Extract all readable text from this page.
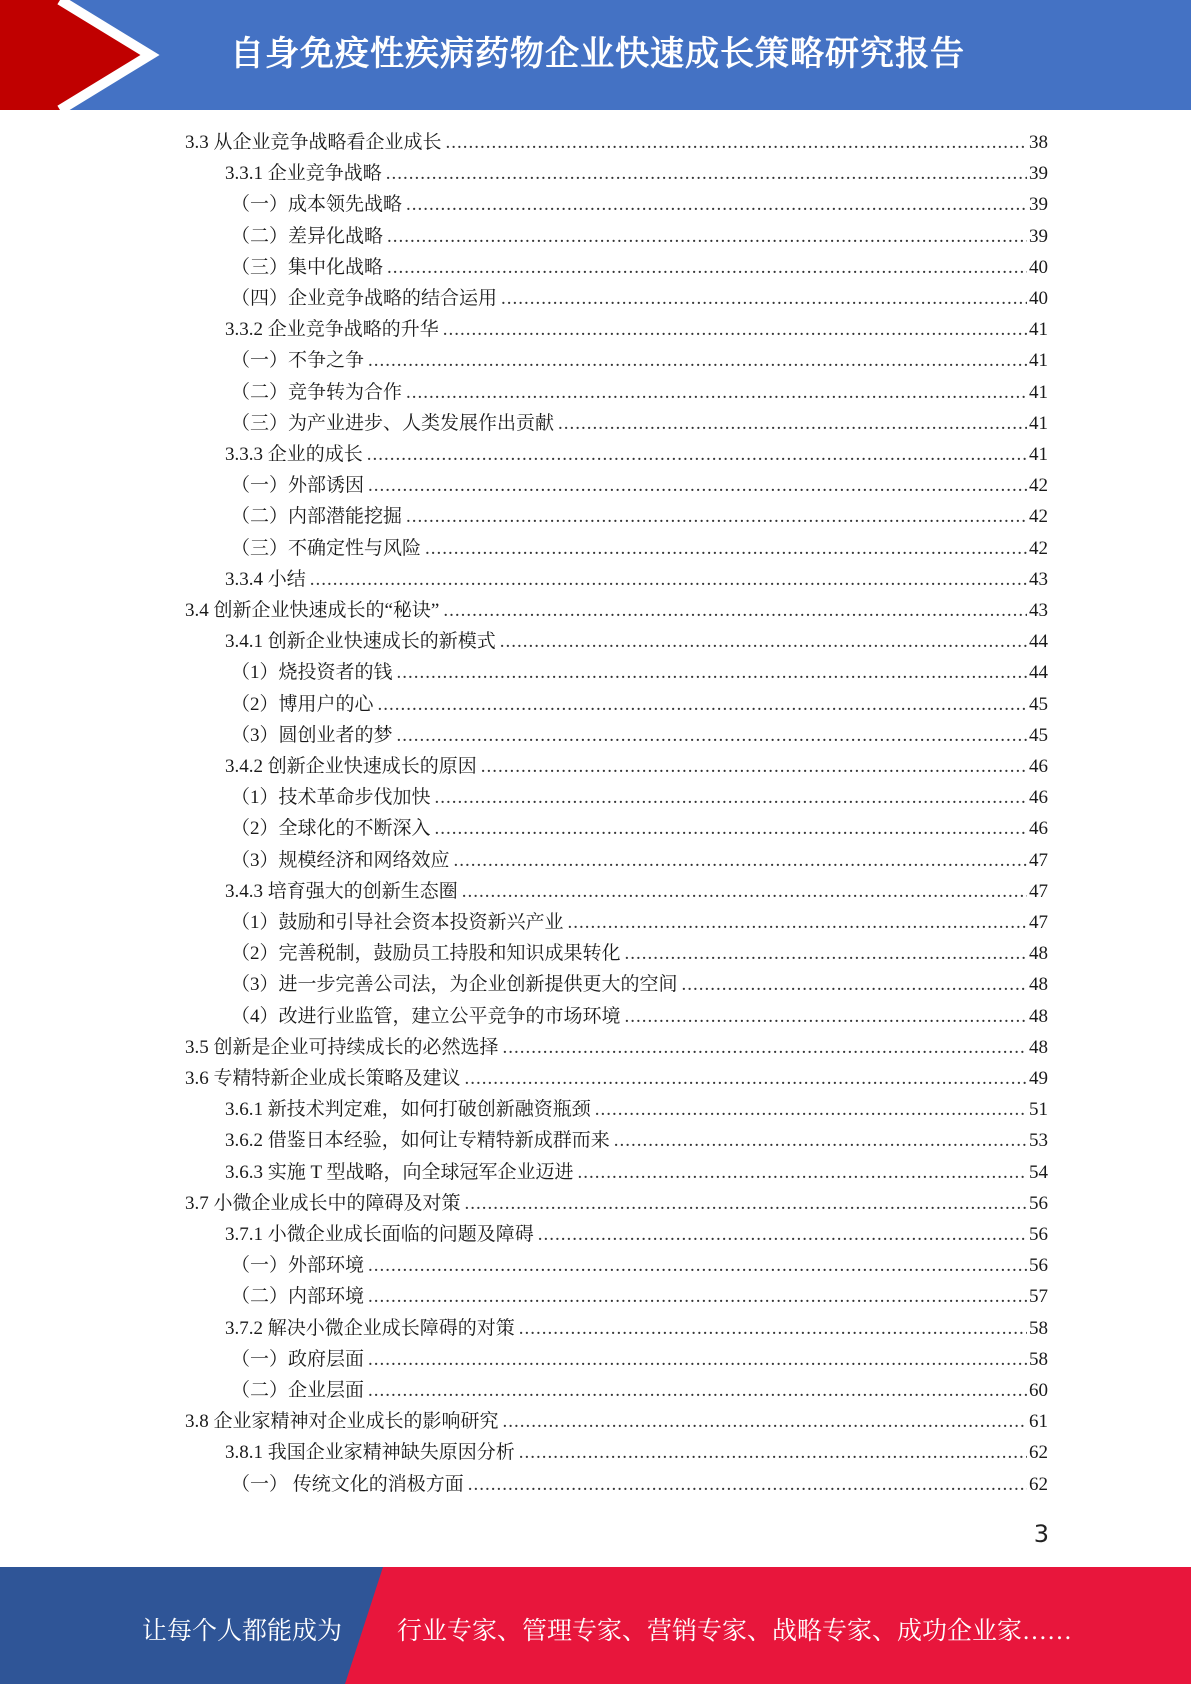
自身免疫性疾病药物企业快速成长策略研究报告
3.3 从企业竞争战略看企业成长 .....	38
3.3.1 企业竞争战略 .....	39
（一）成本领先战略 .....	39
（二）差异化战略 .....	39
（三）集中化战略 .....	40
（四）企业竞争战略的结合运用 .....	40
3.3.2 企业竞争战略的升华 .....	41
（一）不争之争 .....	41
（二）竞争转为合作 .....	41
（三）为产业进步、人类发展作出贡献 .....	41
3.3.3 企业的成长 .....	41
（一）外部诱因 .....	42
（二）内部潜能挖掘 .....	42
（三）不确定性与风险 .....	42
3.3.4 小结 .....	43
3.4 创新企业快速成长的“秘诀” .....	43
3.4.1 创新企业快速成长的新模式 .....	44
（1）烧投资者的钱 .....	44
（2）博用户的心 .....	45
（3）圆创业者的梦 .....	45
3.4.2 创新企业快速成长的原因 .....	46
（1）技术革命步伐加快 .....	46
（2）全球化的不断深入 .....	46
（3）规模经济和网络效应 .....	47
3.4.3 培育强大的创新生态圈 .....	47
（1）鼓励和引导社会资本投资新兴产业 .....	47
（2）完善税制，鼓励员工持股和知识成果转化 .....	48
（3）进一步完善公司法，为企业创新提供更大的空间 .....	48
（4）改进行业监管，建立公平竞争的市场环境 .....	48
3.5 创新是企业可持续成长的必然选择 .....	48
3.6 专精特新企业成长策略及建议 .....	49
3.6.1 新技术判定难，如何打破创新融资瓶颈 .....	51
3.6.2 借鉴日本经验，如何让专精特新成群而来 .....	53
3.6.3 实施 T 型战略，向全球冠军企业迈进 .....	54
3.7 小微企业成长中的障碍及对策 .....	56
3.7.1 小微企业成长面临的问题及障碍 .....	56
（一）外部环境 .....	56
（二）内部环境 .....	57
3.7.2 解决小微企业成长障碍的对策 .....	58
（一）政府层面 .....	58
（二）企业层面 .....	60
3.8 企业家精神对企业成长的影响研究 .....	61
3.8.1 我国企业家精神缺失原因分析 .....	62
（一） 传统文化的消极方面 .....	62
3
让每个人都能成为 行业专家、管理专家、营销专家、战略专家、成功企业家……
